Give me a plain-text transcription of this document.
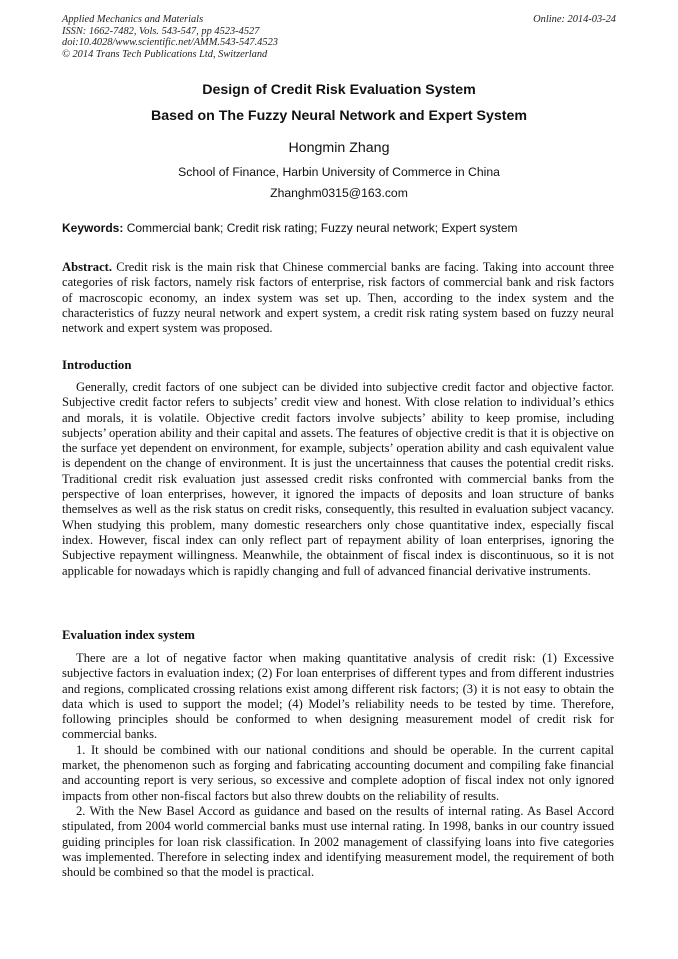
Applied Mechanics and Materials
ISSN: 1662-7482, Vols. 543-547, pp 4523-4527
doi:10.4028/www.scientific.net/AMM.543-547.4523
© 2014 Trans Tech Publications Ltd, Switzerland
Online: 2014-03-24
Design of Credit Risk Evaluation System
Based on The Fuzzy Neural Network and Expert System
Hongmin Zhang
School of Finance, Harbin University of Commerce in China
Zhanghm0315@163.com
Keywords: Commercial bank; Credit risk rating; Fuzzy neural network; Expert system

Abstract. Credit risk is the main risk that Chinese commercial banks are facing. Taking into account three categories of risk factors, namely risk factors of enterprise, risk factors of commercial bank and risk factors of macroscopic economy, an index system was set up. Then, according to the index system and the characteristics of fuzzy neural network and expert system, a credit risk rating system based on fuzzy neural network and expert system was proposed.

Introduction

Generally, credit factors of one subject can be divided into subjective credit factor and objective factor. Subjective credit factor refers to subjects’ credit view and honest. With close relation to individual’s ethics and morals, it is volatile. Objective credit factors involve subjects’ ability to keep promise, including subjects’ operation ability and their capital and assets. The features of objective credit is that it is objective on the surface yet dependent on environment, for example, subjects’ operation ability and cash equivalent value is dependent on the change of environment. It is just the uncertainness that causes the potential credit risks. Traditional credit risk evaluation just assessed credit risks confronted with commercial banks from the perspective of loan enterprises, however, it ignored the impacts of deposits and loan structure of banks themselves as well as the risk status on credit risks, consequently, this resulted in evaluation subject vacancy. When studying this problem, many domestic researchers only chose quantitative index, especially fiscal index. However, fiscal index can only reflect part of repayment ability of loan enterprises, ignoring the Subjective repayment willingness. Meanwhile, the obtainment of fiscal index is discontinuous, so it is not applicable for nowadays which is rapidly changing and full of advanced financial derivative instruments.

Evaluation index system

There are a lot of negative factor when making quantitative analysis of credit risk: (1) Excessive subjective factors in evaluation index; (2) For loan enterprises of different types and from different industries and regions, complicated crossing relations exist among different risk factors; (3) it is not easy to obtain the data which is used to support the model; (4) Model’s reliability needs to be tested by time. Therefore, following principles should be conformed to when designing measurement model of credit risk for commercial banks.

1. It should be combined with our national conditions and should be operable. In the current capital market, the phenomenon such as forging and fabricating accounting document and compiling fake financial and accounting report is very serious, so excessive and complete adoption of fiscal index not only ignored impacts from other non-fiscal factors but also threw doubts on the reliability of results.

2. With the New Basel Accord as guidance and based on the results of internal rating. As Basel Accord stipulated, from 2004 world commercial banks must use internal rating. In 1998, banks in our country issued guiding principles for loan risk classification. In 2002 management of classifying loans into five categories was implemented. Therefore in selecting index and identifying measurement model, the requirement of both should be combined so that the model is practical.
